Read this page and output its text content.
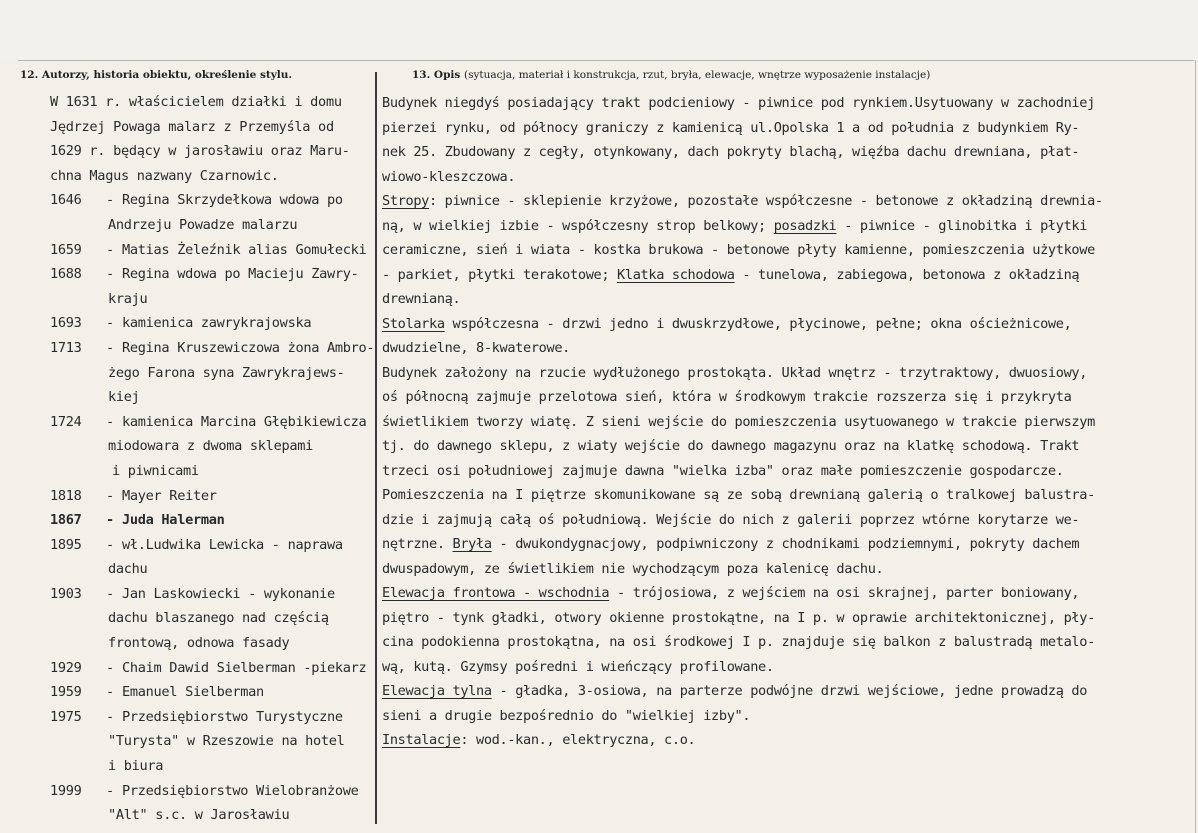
12. Autorzy, historia obiektu, określenie stylu.	13. Opis (sytuacja, materiał i konstrukcja, rzut, bryła, elewacje, wnętrze wyposażenie instalacje)
W 1631 r. właścicielem działki i domu
Jędrzej Powaga malarz z Przemyśla od
1629 r. będący w jarosławiu oraz Maru-
chna Magus nazwany Czarnowic.
1646	- Regina Skrzydełkowa wdowa po
Andrzeju Powadze malarzu
1659	- Matias Żeleźnik alias Gomułecki
1688	- Regina wdowa po Macieju Zawry-
kraju
1693	- kamienica zawrykrajowska
1713	- Regina Kruszewiczowa żona Ambro-
żego Farona syna Zawrykrajews-
kiej
1724	- kamienica Marcina Głębikiewicza
miodowara z dwoma sklepami
i piwnicami
1818	- Mayer Reiter
1867	- Juda Halerman
1895	- wł.Ludwika Lewicka - naprawa
dachu
1903	- Jan Laskowiecki - wykonanie
dachu blaszanego nad częścią
frontową, odnowa fasady
1929	- Chaim Dawid Sielberman -piekarz
1959	- Emanuel Sielberman
1975	- Przedsiębiorstwo Turystyczne
"Turysta" w Rzeszowie na hotel
i biura
1999	- Przedsiębiorstwo Wielobranżowe
"Alt" s.c. w Jarosławiu
Budynek niegdyś posiadający trakt podcieniowy - piwnice pod rynkiem.Usytuowany w zachodniej
pierzei rynku, od północy graniczy z kamienicą ul.Opolska 1 a od południa z budynkiem Ry-
nek 25. Zbudowany z cegły, otynkowany, dach pokryty blachą, więźba dachu drewniana, płat-
wiowo-kleszczowa.
Stropy: piwnice - sklepienie krzyżowe, pozostałe współczesne - betonowe z okładziną drewnia-
ną, w wielkiej izbie - współczesny strop belkowy; posadzki - piwnice - glinobitka i płytki
ceramiczne, sień i wiata - kostka brukowa - betonowe płyty kamienne, pomieszczenia użytkowe
- parkiet, płytki terakotowe; Klatka schodowa - tunelowa, zabiegowa, betonowa z okładziną
drewnianą.
Stolarka współczesna - drzwi jedno i dwuskrzydłowe, płycinowe, pełne; okna ościeżnicowe,
dwudzielne, 8-kwaterowe.
Budynek założony na rzucie wydłużonego prostokąta. Układ wnętrz - trzytraktowy, dwuosiowy,
oś północną zajmuje przelotowa sień, która w środkowym trakcie rozszerza się i przykryta
świetlikiem tworzy wiatę. Z sieni wejście do pomieszczenia usytuowanego w trakcie pierwszym
tj. do dawnego sklepu, z wiaty wejście do dawnego magazynu oraz na klatkę schodową. Trakt
trzeci osi południowej zajmuje dawna "wielka izba" oraz małe pomieszczenie gospodarcze.
Pomieszczenia na I piętrze skomunikowane są ze sobą drewnianą galerią o tralkowej balustra-
dzie i zajmują całą oś południową. Wejście do nich z galerii poprzez wtórne korytarze we-
nętrzne. Bryła - dwukondygnacjowy, podpiwniczony z chodnikami podziemnymi, pokryty dachem
dwuspadowym, ze świetlikiem nie wychodzącym poza kalenicę dachu.
Elewacja frontowa - wschodnia - trójosiowa, z wejściem na osi skrajnej, parter boniowany,
piętro - tynk gładki, otwory okienne prostokątne, na I p. w oprawie architektonicznej, pły-
cina podokienna prostokątna, na osi środkowej I p. znajduje się balkon z balustradą metalo-
wą, kutą. Gzymsy pośredni i wieńczący profilowane.
Elewacja tylna - gładka, 3-osiowa, na parterze podwójne drzwi wejściowe, jedne prowadzą do
sieni a drugie bezpośrednio do "wielkiej izby".
Instalacje: wod.-kan., elektryczna, c.o.
